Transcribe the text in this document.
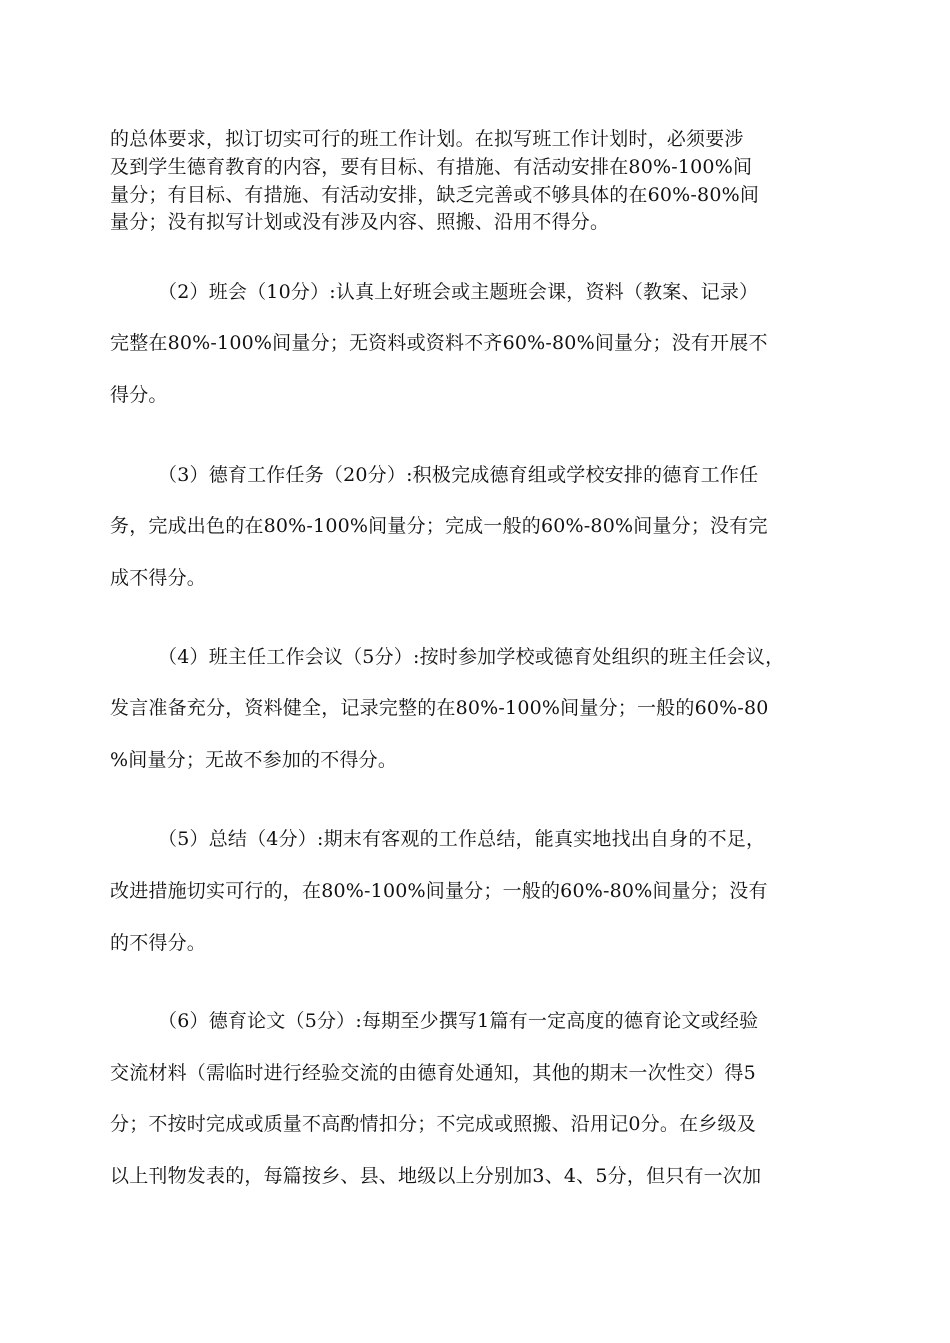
的总体要求，拟订切实可行的班工作计划。在拟写班工作计划时，必须要涉
及到学生德育教育的内容，要有目标、有措施、有活动安排在80%-100%间
量分；有目标、有措施、有活动安排，缺乏完善或不够具体的在60%-80%间
量分；没有拟写计划或没有涉及内容、照搬、沿用不得分。
（2）班会（10分）:认真上好班会或主题班会课，资料（教案、记录）
完整在80%-100%间量分；无资料或资料不齐60%-80%间量分；没有开展不
得分。
（3）德育工作任务（20分）:积极完成德育组或学校安排的德育工作任
务，完成出色的在80%-100%间量分；完成一般的60%-80%间量分；没有完
成不得分。
（4）班主任工作会议（5分）:按时参加学校或德育处组织的班主任会议，
发言准备充分，资料健全，记录完整的在80%-100%间量分；一般的60%-80
%间量分；无故不参加的不得分。
（5）总结（4分）:期末有客观的工作总结，能真实地找出自身的不足，
改进措施切实可行的，在80%-100%间量分；一般的60%-80%间量分；没有
的不得分。
（6）德育论文（5分）:每期至少撰写1篇有一定高度的德育论文或经验
交流材料（需临时进行经验交流的由德育处通知，其他的期末一次性交）得5
分；不按时完成或质量不高酌情扣分；不完成或照搬、沿用记0分。在乡级及
以上刊物发表的，每篇按乡、县、地级以上分别加3、4、5分，但只有一次加
